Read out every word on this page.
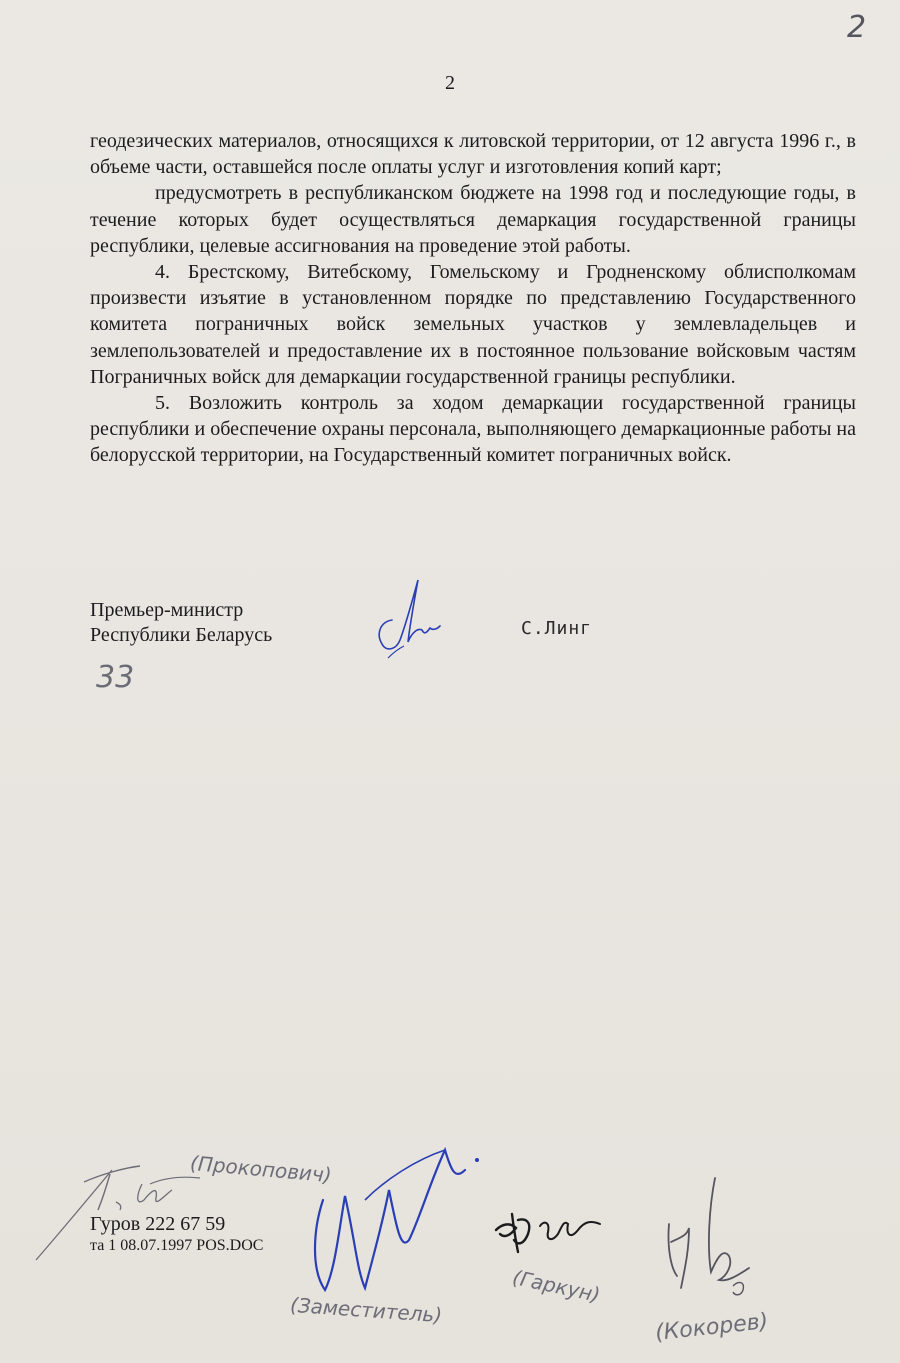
2
2

геодезических материалов, относящихся к литовской территории, от 12 августа 1996 г., в объеме части, оставшейся после оплаты услуг и изготовления копий карт;

предусмотреть в республиканском бюджете на 1998 год и последующие годы, в течение которых будет осуществляться демаркация государственной границы республики, целевые ассигнования на проведение этой работы.

4. Брестскому, Витебскому, Гомельскому и Гродненскому облисполкомам произвести изъятие в установленном порядке по представлению Государственного комитета пограничных войск земельных участков у землевладельцев и землепользователей и предоставление их в постоянное пользование войсковым частям Пограничных войск для демаркации государственной границы республики.

5. Возложить контроль за ходом демаркации государственной границы республики и обеспечение охраны персонала, выполняющего демаркационные работы на белорусской территории, на Государственный комитет пограничных войск.

Премьер-министр
Республики Беларусь	С.Линг
33
Гуров 222 67 59
та 1 08.07.1997 POS.DOC
(Прокопович)
(Заместитель)
(Гаркун)
(Кокорев)
